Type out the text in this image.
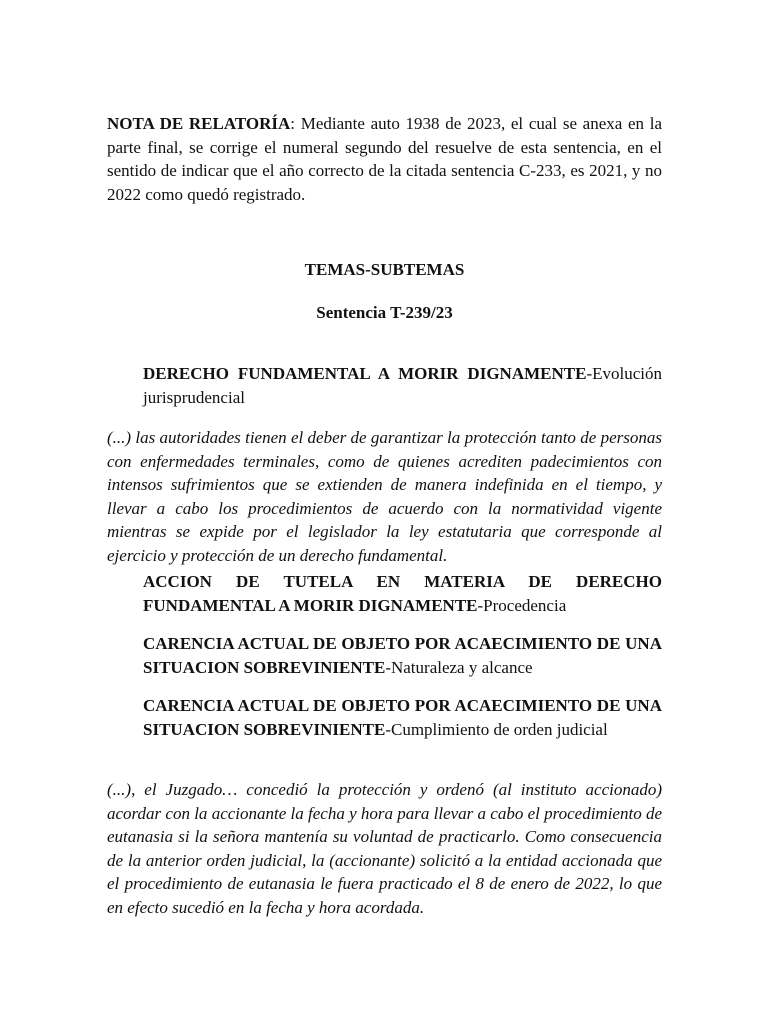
NOTA DE RELATORÍA: Mediante auto 1938 de 2023, el cual se anexa en la parte final, se corrige el numeral segundo del resuelve de esta sentencia, en el sentido de indicar que el año correcto de la citada sentencia C-233, es 2021, y no 2022 como quedó registrado.

TEMAS-SUBTEMAS

Sentencia T-239/23

DERECHO FUNDAMENTAL A MORIR DIGNAMENTE-Evolución jurisprudencial

(...) las autoridades tienen el deber de garantizar la protección tanto de personas con enfermedades terminales, como de quienes acrediten padecimientos con intensos sufrimientos que se extienden de manera indefinida en el tiempo, y llevar a cabo los procedimientos de acuerdo con la normatividad vigente mientras se expide por el legislador la ley estatutaria que corresponde al ejercicio y protección de un derecho fundamental.

ACCION DE TUTELA EN MATERIA DE DERECHO FUNDAMENTAL A MORIR DIGNAMENTE-Procedencia

CARENCIA ACTUAL DE OBJETO POR ACAECIMIENTO DE UNA SITUACION SOBREVINIENTE-Naturaleza y alcance

CARENCIA ACTUAL DE OBJETO POR ACAECIMIENTO DE UNA SITUACION SOBREVINIENTE-Cumplimiento de orden judicial

(...), el Juzgado… concedió la protección y ordenó (al instituto accionado) acordar con la accionante la fecha y hora para llevar a cabo el procedimiento de eutanasia si la señora mantenía su voluntad de practicarlo. Como consecuencia de la anterior orden judicial, la (accionante) solicitó a la entidad accionada que el procedimiento de eutanasia le fuera practicado el 8 de enero de 2022, lo que en efecto sucedió en la fecha y hora acordada.
